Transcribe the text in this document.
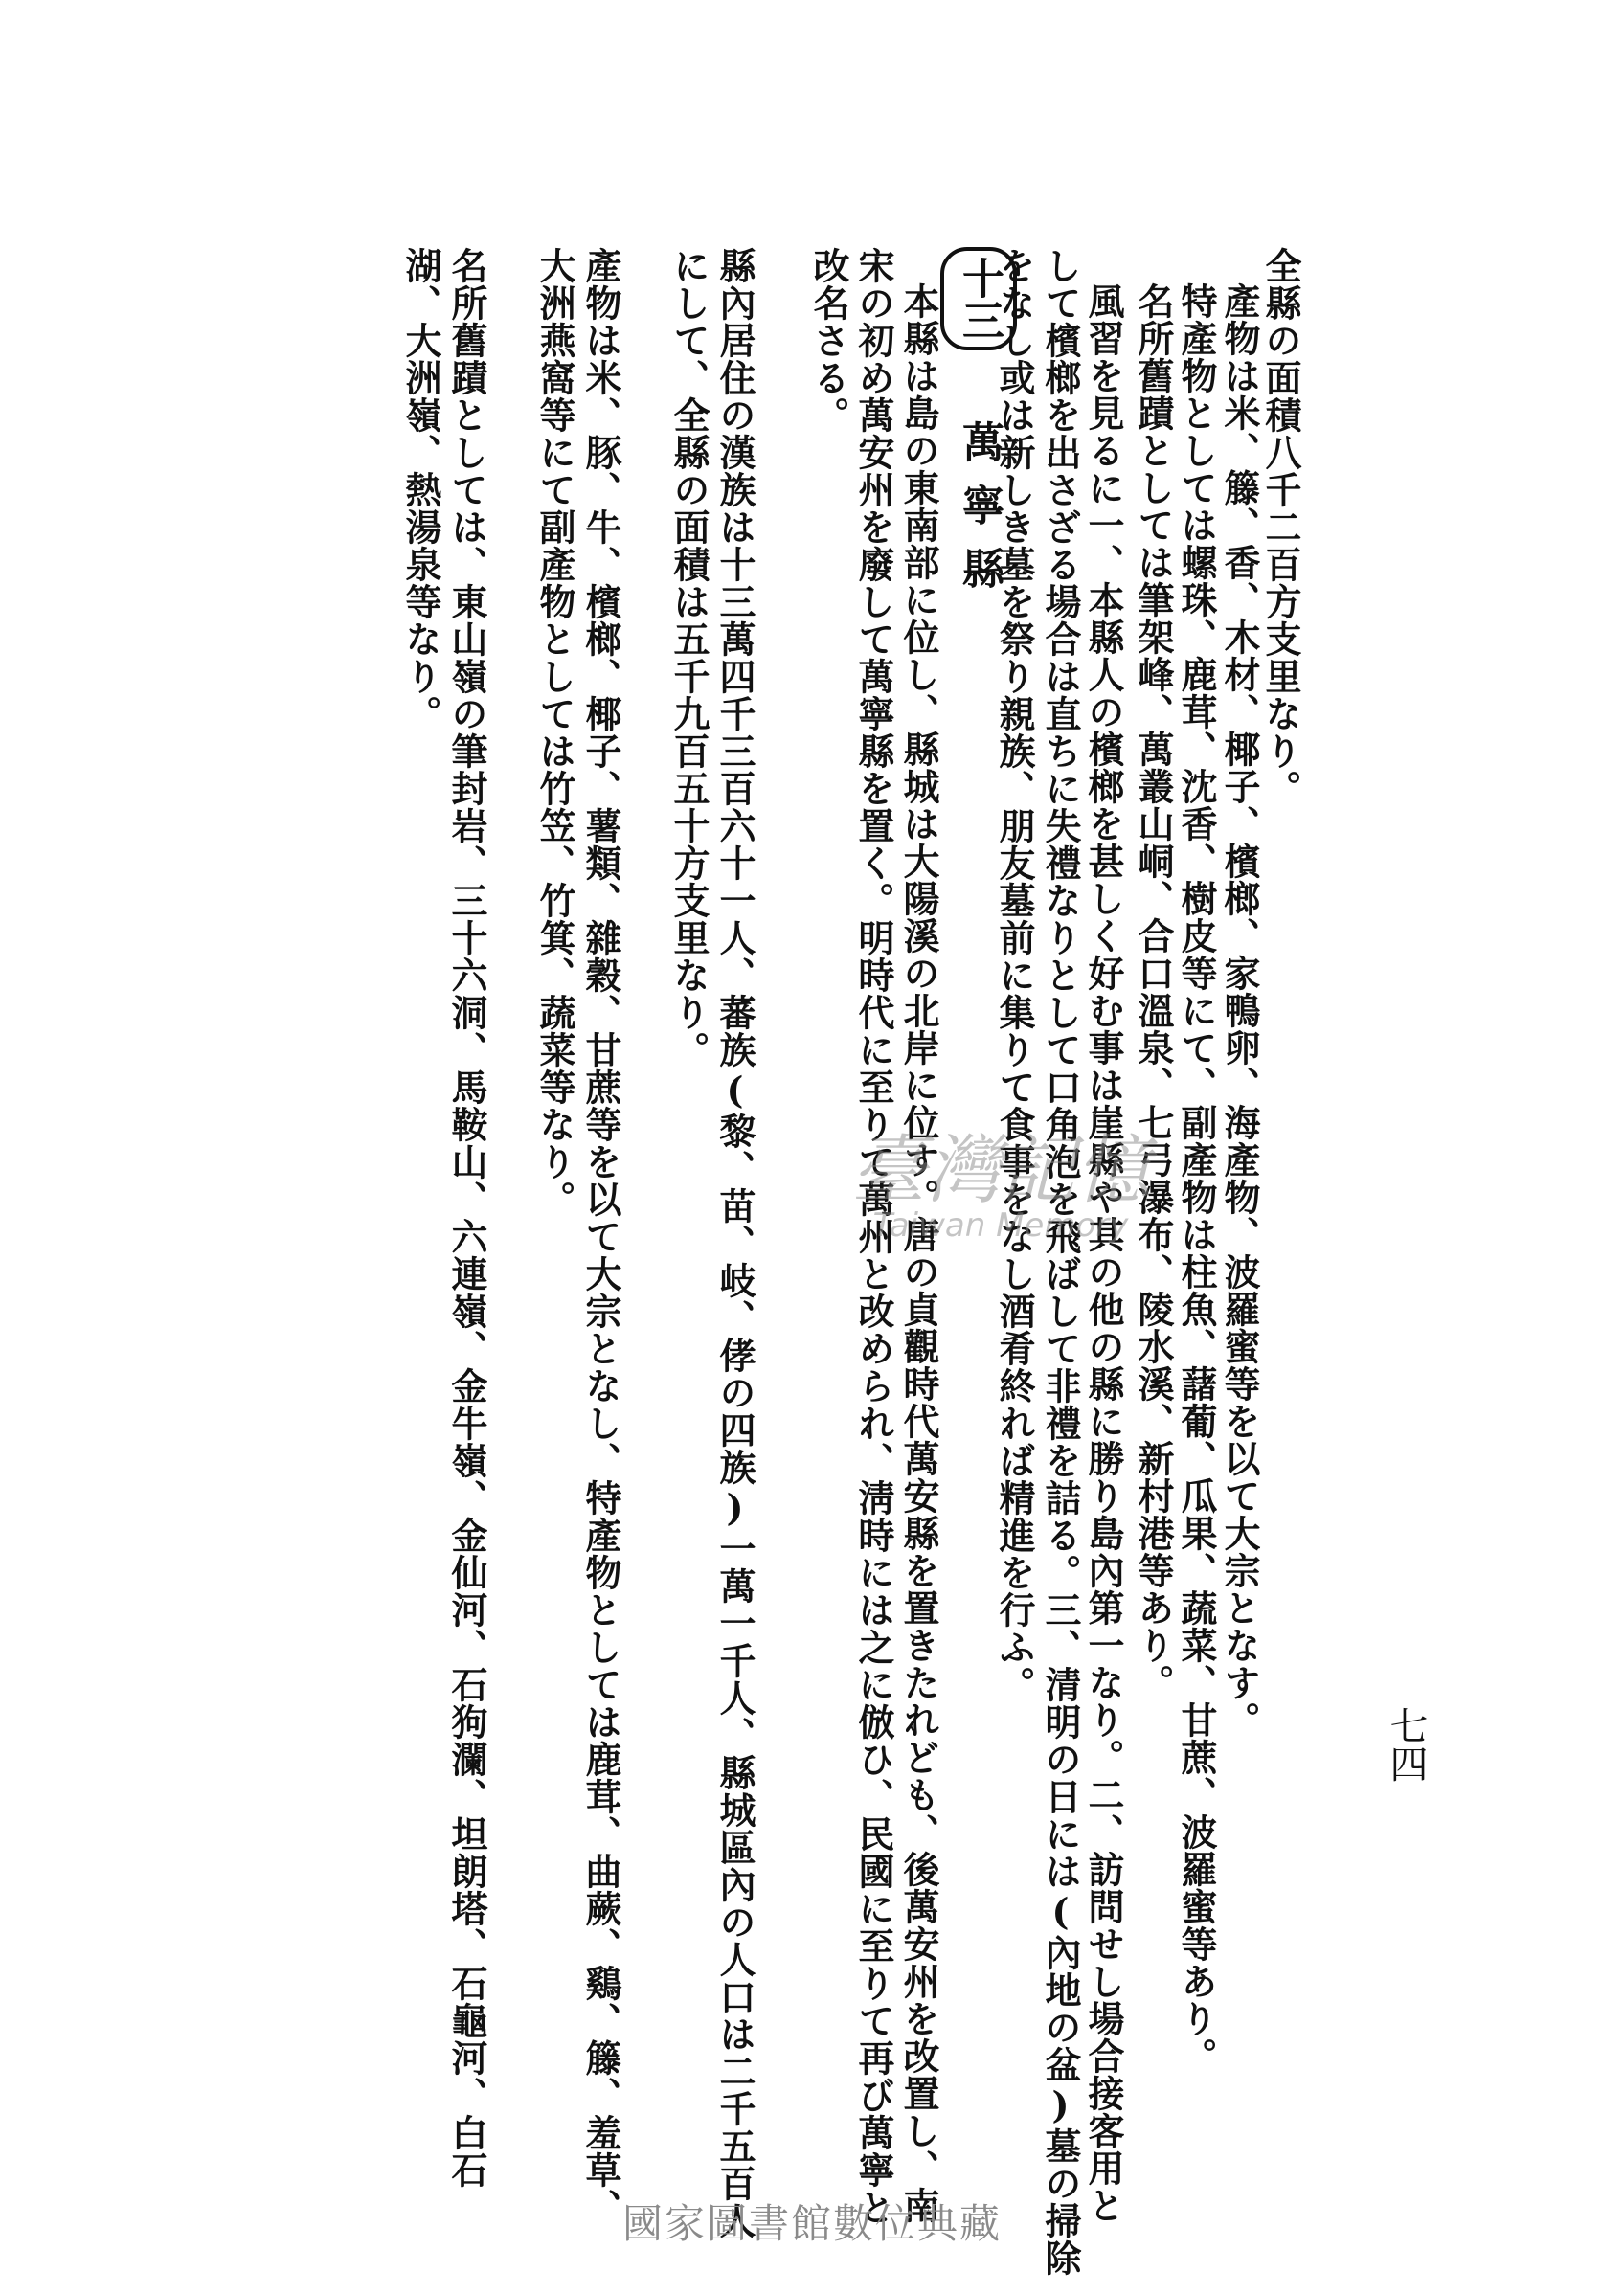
七四
全縣の面積八千二百方支里なり。
產物は米、籐、香、木材、椰子、檳榔、家鴨卵、海產物、波羅蜜等を以て大宗となす。
特產物としては螺珠、鹿茸、沈香、樹皮等にて、副產物は柱魚、藷葡、瓜果、蔬菜、甘蔗、波羅蜜等あり。
名所舊蹟としては筆架峰、萬叢山峒、合口溫泉、七弓瀑布、陵水溪、新村港等あり。
風習を見るに一、本縣人の檳榔を甚しく好む事は崖縣や其の他の縣に勝り島內第一なり。二、訪問せし場合接客用と
して檳榔を出さざる場合は直ちに失禮なりとして口角泡を飛ばして非禮を詰る。三、清明の日には(內地の盆)墓の掃除
をなし或は新しき墓を祭り親族、朋友墓前に集りて食事をなし酒肴終れば精進を行ふ。
本縣は島の東南部に位し、縣城は大陽溪の北岸に位す。唐の貞觀時代萬安縣を置きたれども、後萬安州を改置し、南 十三 萬寧縣
宋の初め萬安州を廢して萬寧縣を置く。明時代に至りて萬州と改められ、淸時には之に倣ひ、民國に至りて再び萬寧と
改名さる。
縣內居住の漢族は十三萬四千三百六十一人、蕃族(黎、苗、岐、侾の四族)一萬一千人、縣城區內の人口は二千五百人
にして、全縣の面積は五千九百五十方支里なり。
產物は米、豚、牛、檳榔、椰子、薯類、雜穀、甘蔗等を以て大宗となし、特產物としては鹿茸、曲蕨、鷄、籐、羞草、
大洲燕窩等にて副產物としては竹笠、竹箕、蔬菜等なり。
名所舊蹟としては、東山嶺の筆封岩、三十六洞、馬鞍山、六連嶺、金牛嶺、金仙河、石狗瀾、坦朗塔、石龜河、白石
湖、大洲嶺、熱湯泉等なり。
臺灣記憶
Taiwan Memory
國家圖書館數位典藏
